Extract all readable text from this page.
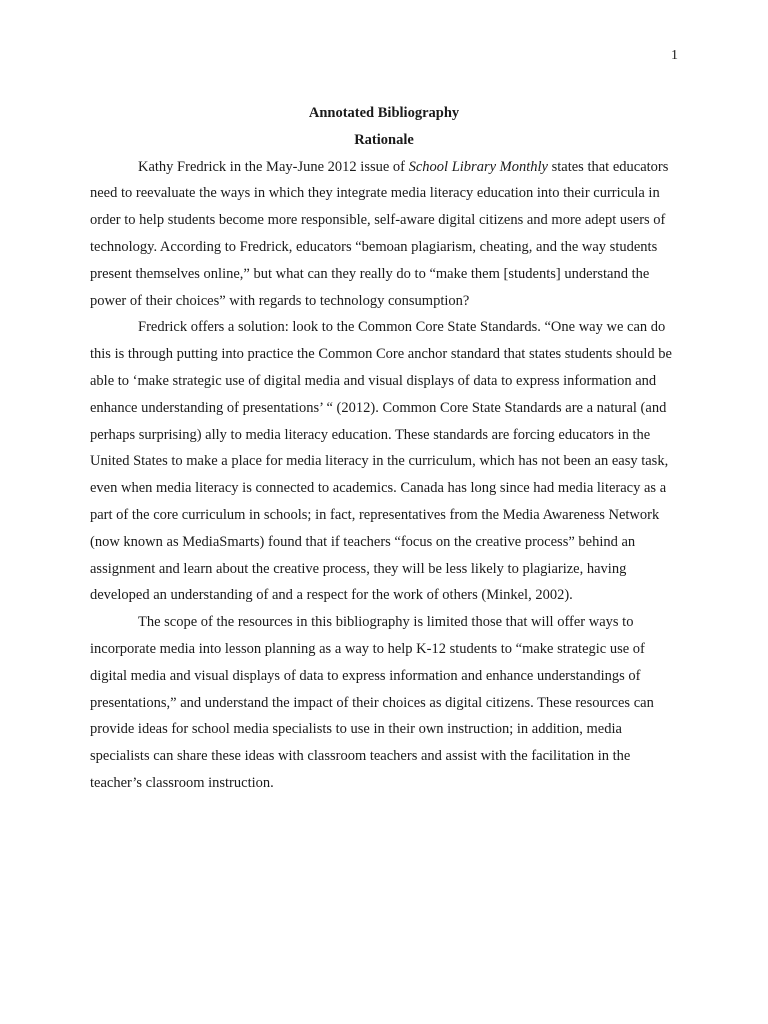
1
Annotated Bibliography
Rationale

Kathy Fredrick in the May-June 2012 issue of School Library Monthly states that educators need to reevaluate the ways in which they integrate media literacy education into their curricula in order to help students become more responsible, self-aware digital citizens and more adept users of technology. According to Fredrick, educators “bemoan plagiarism, cheating, and the way students present themselves online,” but what can they really do to “make them [students] understand the power of their choices” with regards to technology consumption?

Fredrick offers a solution: look to the Common Core State Standards. “One way we can do this is through putting into practice the Common Core anchor standard that states students should be able to ‘make strategic use of digital media and visual displays of data to express information and enhance understanding of presentations’ “ (2012). Common Core State Standards are a natural (and perhaps surprising) ally to media literacy education. These standards are forcing educators in the United States to make a place for media literacy in the curriculum, which has not been an easy task, even when media literacy is connected to academics. Canada has long since had media literacy as a part of the core curriculum in schools; in fact, representatives from the Media Awareness Network (now known as MediaSmarts) found that if teachers “focus on the creative process” behind an assignment and learn about the creative process, they will be less likely to plagiarize, having developed an understanding of and a respect for the work of others (Minkel, 2002).

The scope of the resources in this bibliography is limited those that will offer ways to incorporate media into lesson planning as a way to help K-12 students to “make strategic use of digital media and visual displays of data to express information and enhance understandings of presentations,” and understand the impact of their choices as digital citizens. These resources can provide ideas for school media specialists to use in their own instruction; in addition, media specialists can share these ideas with classroom teachers and assist with the facilitation in the teacher’s classroom instruction.
